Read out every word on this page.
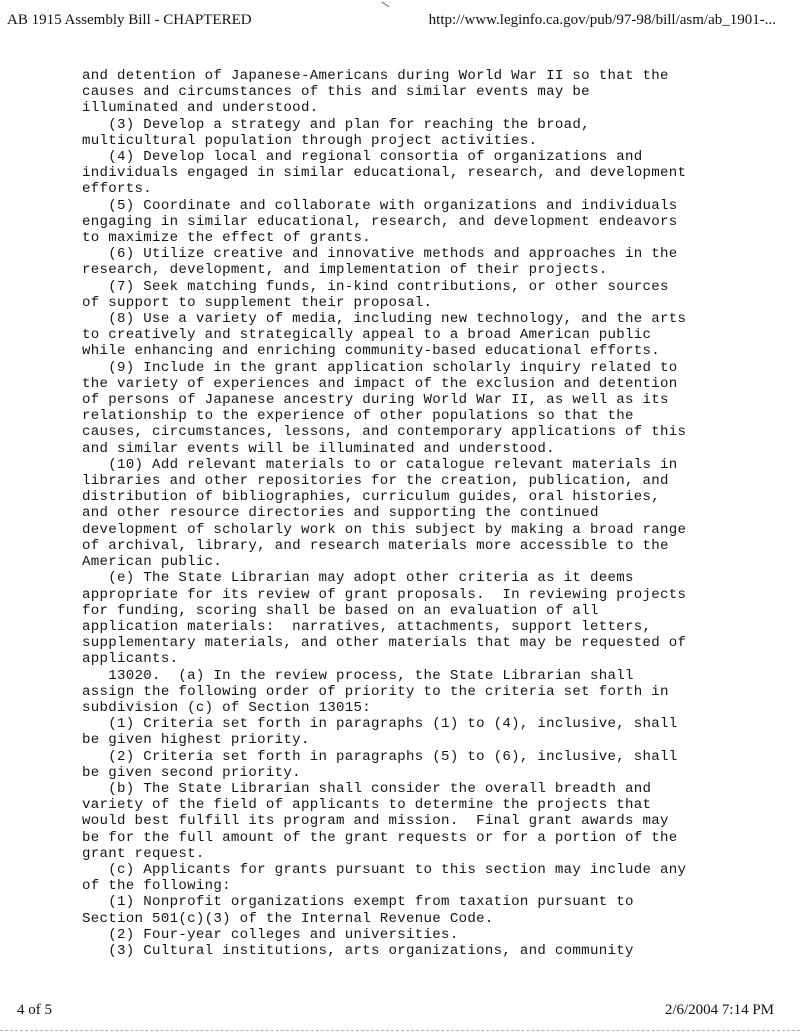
AB 1915 Assembly Bill - CHAPTERED	http://www.leginfo.ca.gov/pub/97-98/bill/asm/ab_1901-...
and detention of Japanese-Americans during World War II so that the
causes and circumstances of this and similar events may be
illuminated and understood.
(3) Develop a strategy and plan for reaching the broad,
multicultural population through project activities.
(4) Develop local and regional consortia of organizations and
individuals engaged in similar educational, research, and development
efforts.
(5) Coordinate and collaborate with organizations and individuals
engaging in similar educational, research, and development endeavors
to maximize the effect of grants.
(6) Utilize creative and innovative methods and approaches in the
research, development, and implementation of their projects.
(7) Seek matching funds, in-kind contributions, or other sources
of support to supplement their proposal.
(8) Use a variety of media, including new technology, and the arts
to creatively and strategically appeal to a broad American public
while enhancing and enriching community-based educational efforts.
(9) Include in the grant application scholarly inquiry related to
the variety of experiences and impact of the exclusion and detention
of persons of Japanese ancestry during World War II, as well as its
relationship to the experience of other populations so that the
causes, circumstances, lessons, and contemporary applications of this
and similar events will be illuminated and understood.
(10) Add relevant materials to or catalogue relevant materials in
libraries and other repositories for the creation, publication, and
distribution of bibliographies, curriculum guides, oral histories,
and other resource directories and supporting the continued
development of scholarly work on this subject by making a broad range
of archival, library, and research materials more accessible to the
American public.
(e) The State Librarian may adopt other criteria as it deems
appropriate for its review of grant proposals.  In reviewing projects
for funding, scoring shall be based on an evaluation of all
application materials:  narratives, attachments, support letters,
supplementary materials, and other materials that may be requested of
applicants.
13020.  (a) In the review process, the State Librarian shall
assign the following order of priority to the criteria set forth in
subdivision (c) of Section 13015:
(1) Criteria set forth in paragraphs (1) to (4), inclusive, shall
be given highest priority.
(2) Criteria set forth in paragraphs (5) to (6), inclusive, shall
be given second priority.
(b) The State Librarian shall consider the overall breadth and
variety of the field of applicants to determine the projects that
would best fulfill its program and mission.  Final grant awards may
be for the full amount of the grant requests or for a portion of the
grant request.
(c) Applicants for grants pursuant to this section may include any
of the following:
(1) Nonprofit organizations exempt from taxation pursuant to
Section 501(c)(3) of the Internal Revenue Code.
(2) Four-year colleges and universities.
(3) Cultural institutions, arts organizations, and community
4 of 5	2/6/2004 7:14 PM
